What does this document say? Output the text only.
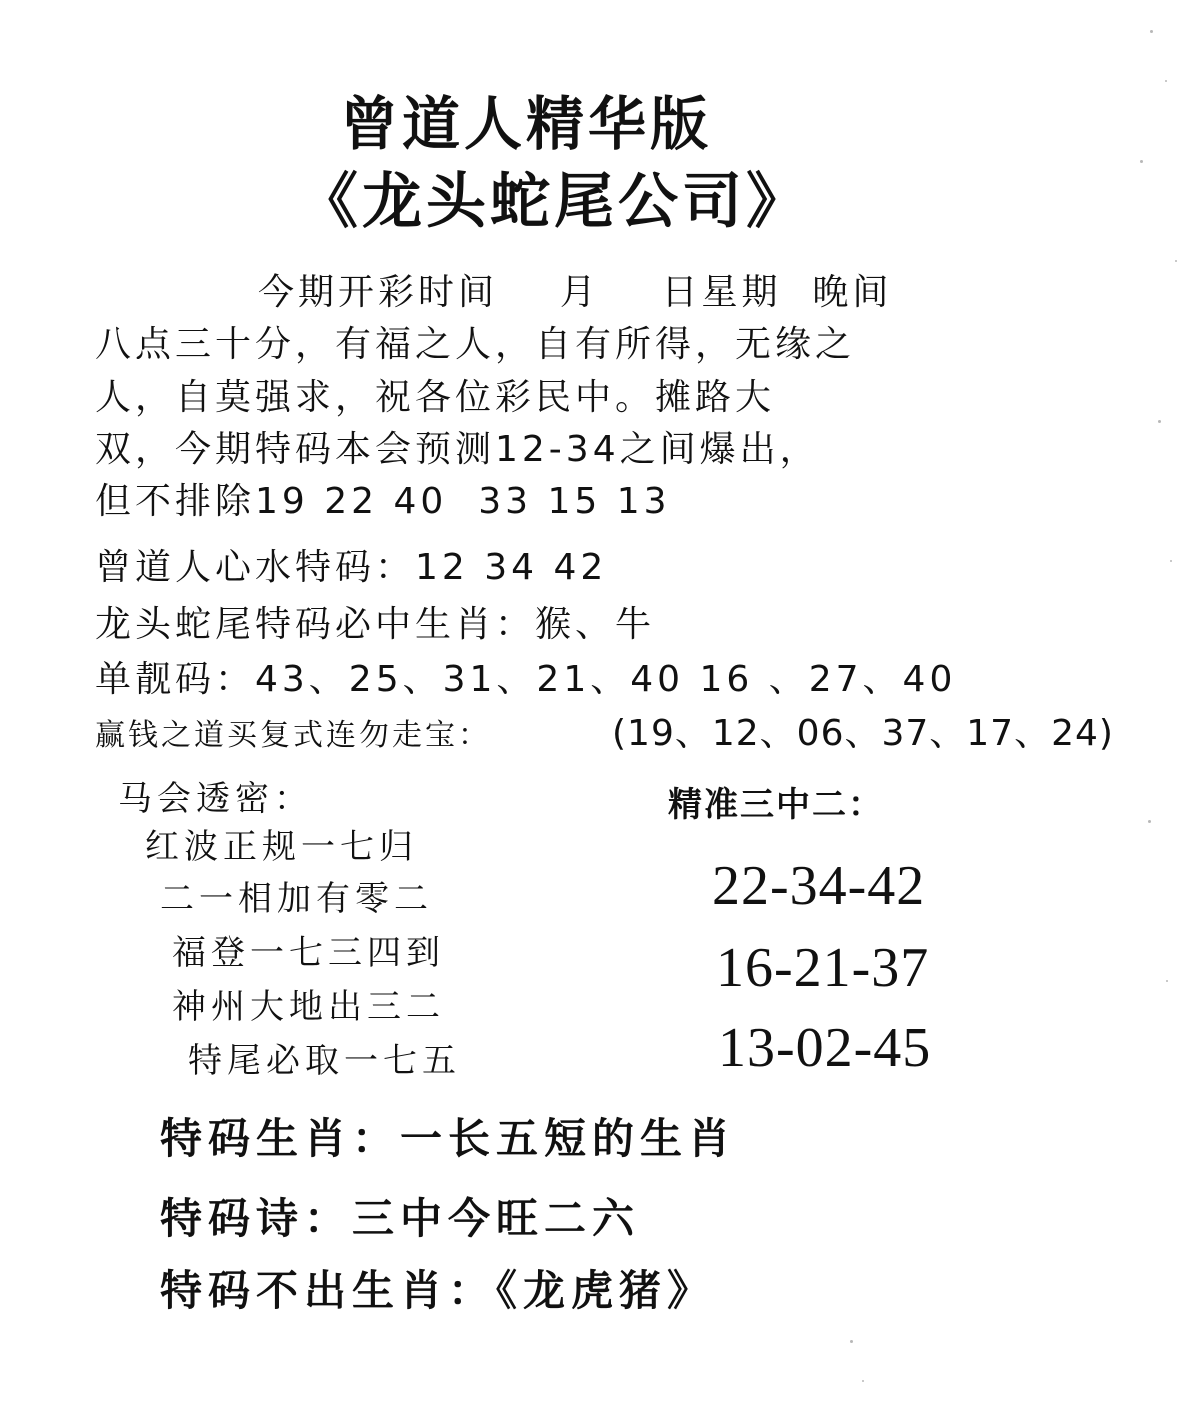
曾道人精华版
《龙头蛇尾公司》
今期开彩时间    月    日星期  晚间
八点三十分，有福之人，自有所得，无缘之
人，自莫强求，祝各位彩民中。摊路大
双，今期特码本会预测12-34之间爆出，
但不排除19 22 40  33 15 13
曾道人心水特码：12 34 42
龙头蛇尾特码必中生肖：猴、牛
单靓码：43、25、31、21、40 16 、27、40
赢钱之道买复式连勿走宝：	(19、12、06、37、17、24)
马会透密：
红波正规一七归
二一相加有零二
福登一七三四到
神州大地出三二
特尾必取一七五
精准三中二：
22-34-42
16-21-37
13-02-45
特码生肖：一长五短的生肖
特码诗：三中今旺二六
特码不出生肖：《龙虎猪》
